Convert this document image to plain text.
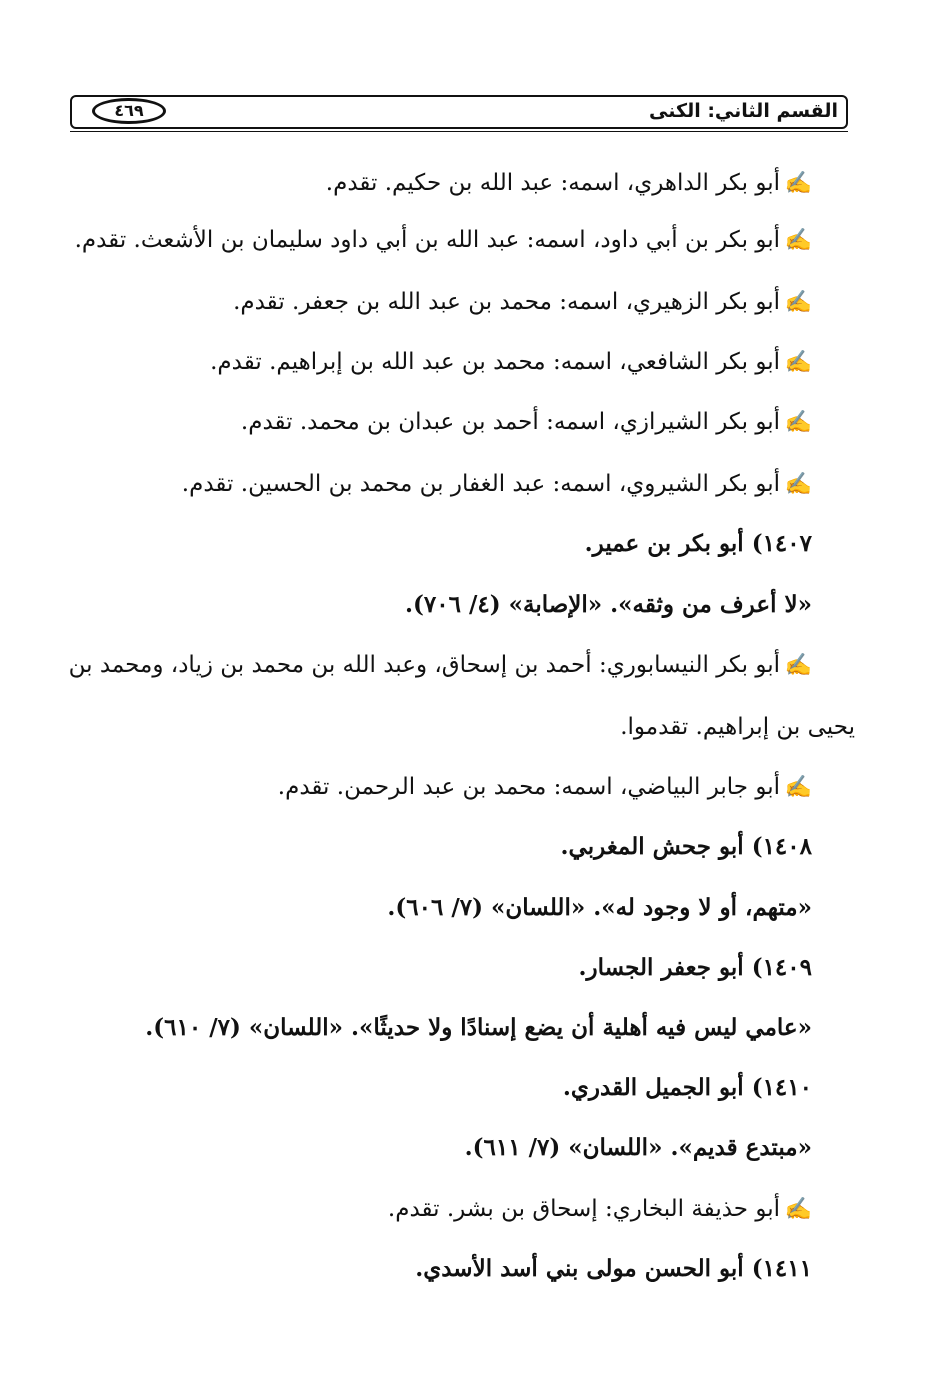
القسم الثاني: الكنى
٤٦٩
✍أبو بكر الداهري، اسمه: عبد الله بن حكيم. تقدم.
✍أبو بكر بن أبي داود، اسمه: عبد الله بن أبي داود سليمان بن الأشعث. تقدم.
✍أبو بكر الزهيري، اسمه: محمد بن عبد الله بن جعفر. تقدم.
✍أبو بكر الشافعي، اسمه: محمد بن عبد الله بن إبراهيم. تقدم.
✍أبو بكر الشيرازي، اسمه: أحمد بن عبدان بن محمد. تقدم.
✍أبو بكر الشيروي، اسمه: عبد الغفار بن محمد بن الحسين. تقدم.
١٤٠٧) أبو بكر بن عمير.
«لا أعرف من وثقه». «الإصابة» (٤/ ٧٠٦).
✍أبو بكر النيسابوري: أحمد بن إسحاق، وعبد الله بن محمد بن زياد، ومحمد بن
يحيى بن إبراهيم. تقدموا.
✍أبو جابر البياضي، اسمه: محمد بن عبد الرحمن. تقدم.
١٤٠٨) أبو جحش المغربي.
«متهم، أو لا وجود له». «اللسان» (٧/ ٦٠٦).
١٤٠٩) أبو جعفر الجسار.
«عامي ليس فيه أهلية أن يضع إسنادًا ولا حديثًا». «اللسان» (٧/ ٦١٠).
١٤١٠) أبو الجميل القدري.
«مبتدع قديم». «اللسان» (٧/ ٦١١).
✍أبو حذيفة البخاري: إسحاق بن بشر. تقدم.
١٤١١) أبو الحسن مولى بني أسد الأسدي.
